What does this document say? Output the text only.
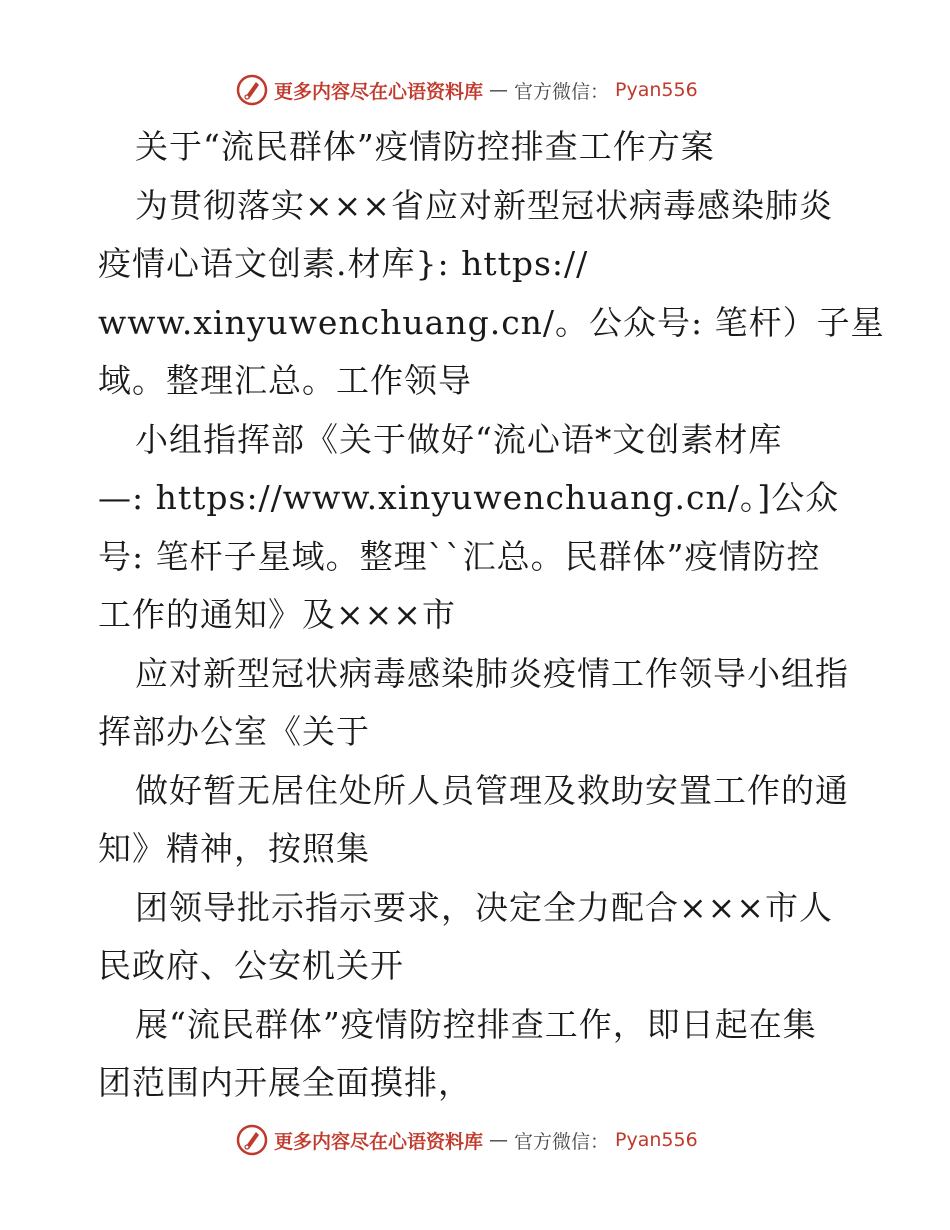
更多内容尽在心语资料库 — 官方微信： Pyan556
关于“流民群体”疫情防控排查工作方案
为贯彻落实×××省应对新型冠状病毒感染肺炎
疫情心语文创素.材库}: https://
www.xinyuwenchuang.cn/。公众号: 笔杆）子星
域。整理汇总。工作领导
小组指挥部《关于做好“流心语*文创素材库
—: https://www.xinyuwenchuang.cn/。]公众
号: 笔杆子星域。整理``汇总。民群体”疫情防控
工作的通知》及×××市
应对新型冠状病毒感染肺炎疫情工作领导小组指
挥部办公室《关于
做好暂无居住处所人员管理及救助安置工作的通
知》精神，按照集
团领导批示指示要求，决定全力配合×××市人
民政府、公安机关开
展“流民群体”疫情防控排查工作，即日起在集
团范围内开展全面摸排，
更多内容尽在心语资料库 — 官方微信： Pyan556
